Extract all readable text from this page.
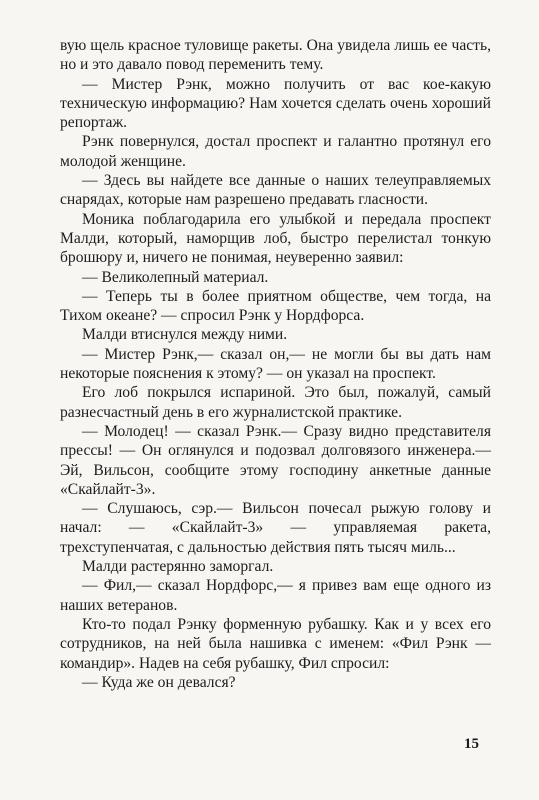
вую щель красное туловище ракеты. Она увидела лишь ее часть, но и это давало повод переменить тему.

— Мистер Рэнк, можно получить от вас кое-какую техническую информацию? Нам хочется сделать очень хороший репортаж.

Рэнк повернулся, достал проспект и галантно протянул его молодой женщине.

— Здесь вы найдете все данные о наших телеуправляемых снарядах, которые нам разрешено предавать гласности.

Моника поблагодарила его улыбкой и передала проспект Малди, который, наморщив лоб, быстро перелистал тонкую брошюру и, ничего не понимая, неуверенно заявил:

— Великолепный материал.

— Теперь ты в более приятном обществе, чем тогда, на Тихом океане? — спросил Рэнк у Нордфорса.

Малди втиснулся между ними.

— Мистер Рэнк,— сказал он,— не могли бы вы дать нам некоторые пояснения к этому? — он указал на проспект.

Его лоб покрылся испариной. Это был, пожалуй, самый разнесчастный день в его журналистской практике.

— Молодец! — сказал Рэнк.— Сразу видно представителя прессы! — Он оглянулся и подозвал долговязого инженера.— Эй, Вильсон, сообщите этому господину анкетные данные «Скайлайт-3».

— Слушаюсь, сэр.— Вильсон почесал рыжую голову и начал: — «Скайлайт-3» — управляемая ракета, трехступенчатая, с дальностью действия пять тысяч миль...

Малди растерянно заморгал.

— Фил,— сказал Нордфорс,— я привез вам еще одного из наших ветеранов.

Кто-то подал Рэнку форменную рубашку. Как и у всех его сотрудников, на ней была нашивка с именем: «Фил Рэнк — командир». Надев на себя рубашку, Фил спросил:

— Куда же он девался?

15
